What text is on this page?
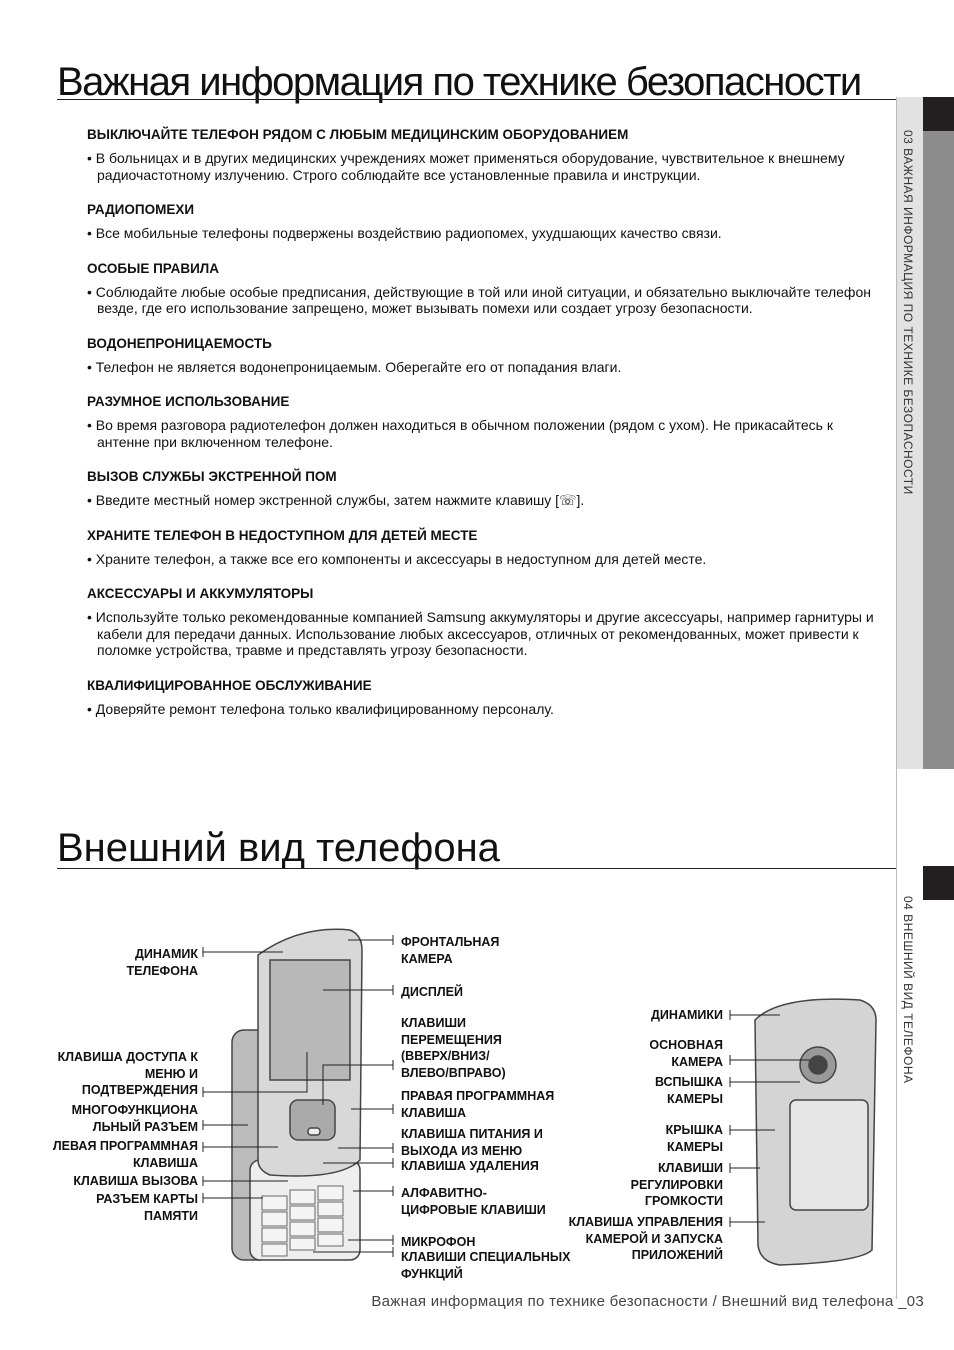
Важная информация по технике безопасности
Внешний вид телефона
03 ВАЖНАЯ ИНФОРМАЦИЯ ПО ТЕХНИКЕ БЕЗОПАСНОСТИ
04 ВНЕШНИЙ ВИД ТЕЛЕФОНА
ВЫКЛЮЧАЙТЕ ТЕЛЕФОН РЯДОМ С ЛЮБЫМ МЕДИЦИНСКИМ ОБОРУДОВАНИЕМ
• В больницах и в других медицинских учреждениях может применяться оборудование, чувствительное к внешнему радиочастотному излучению. Строго соблюдайте все установленные правила и инструкции.
РАДИОПОМЕХИ
• Все мобильные телефоны подвержены воздействию радиопомех, ухудшающих качество связи.
ОСОБЫЕ ПРАВИЛА
• Соблюдайте любые особые предписания, действующие в той или иной ситуации, и обязательно выключайте телефон везде, где его использование запрещено, может вызывать помехи или создает угрозу безопасности.
ВОДОНЕПРОНИЦАЕМОСТЬ
• Телефон не является водонепроницаемым. Оберегайте его от попадания влаги.
РАЗУМНОЕ ИСПОЛЬЗОВАНИЕ
• Во время разговора радиотелефон должен находиться в обычном положении (рядом с ухом). Не прикасайтесь к антенне при включенном телефоне.
ВЫЗОВ СЛУЖБЫ ЭКСТРЕННОЙ ПОМ
• Введите местный номер экстренной службы, затем нажмите клавишу [☏].
ХРАНИТЕ ТЕЛЕФОН В НЕДОСТУПНОМ ДЛЯ ДЕТЕЙ МЕСТЕ
• Храните телефон, а также все его компоненты и аксессуары в недоступном для детей месте.
АКСЕССУАРЫ И АККУМУЛЯТОРЫ
• Используйте только рекомендованные компанией Samsung аккумуляторы и другие аксессуары, например гарнитуры и кабели для передачи данных. Использование любых аксессуаров, отличных от рекомендованных, может привести к поломке устройства, травме и представлять угрозу безопасности.
КВАЛИФИЦИРОВАННОЕ ОБСЛУЖИВАНИЕ
• Доверяйте ремонт телефона только квалифицированному персоналу.
ДИНАМИК ТЕЛЕФОНА
КЛАВИША ДОСТУПА К МЕНЮ И ПОДТВЕРЖДЕНИЯ
МНОГОФУНКЦИОНА ЛЬНЫЙ РАЗЪЕМ
ЛЕВАЯ ПРОГРАММНАЯ КЛАВИША
КЛАВИША ВЫЗОВА
РАЗЪЕМ КАРТЫ ПАМЯТИ
ФРОНТАЛЬНАЯ КАМЕРА
ДИСПЛЕЙ
КЛАВИШИ ПЕРЕМЕЩЕНИЯ (ВВЕРХ/ВНИЗ/ ВЛЕВО/ВПРАВО)
ПРАВАЯ ПРОГРАММНАЯ КЛАВИША
КЛАВИША ПИТАНИЯ И ВЫХОДА ИЗ МЕНЮ
КЛАВИША УДАЛЕНИЯ
АЛФАВИТНО- ЦИФРОВЫЕ КЛАВИШИ
МИКРОФОН
КЛАВИШИ СПЕЦИАЛЬНЫХ ФУНКЦИЙ
ДИНАМИКИ
ОСНОВНАЯ КАМЕРА
ВСПЫШКА КАМЕРЫ
КРЫШКА КАМЕРЫ
КЛАВИШИ РЕГУЛИРОВКИ ГРОМКОСТИ
КЛАВИША УПРАВЛЕНИЯ КАМЕРОЙ И ЗАПУСКА ПРИЛОЖЕНИЙ
Важная информация по технике безопасности / Внешний вид телефона _03
